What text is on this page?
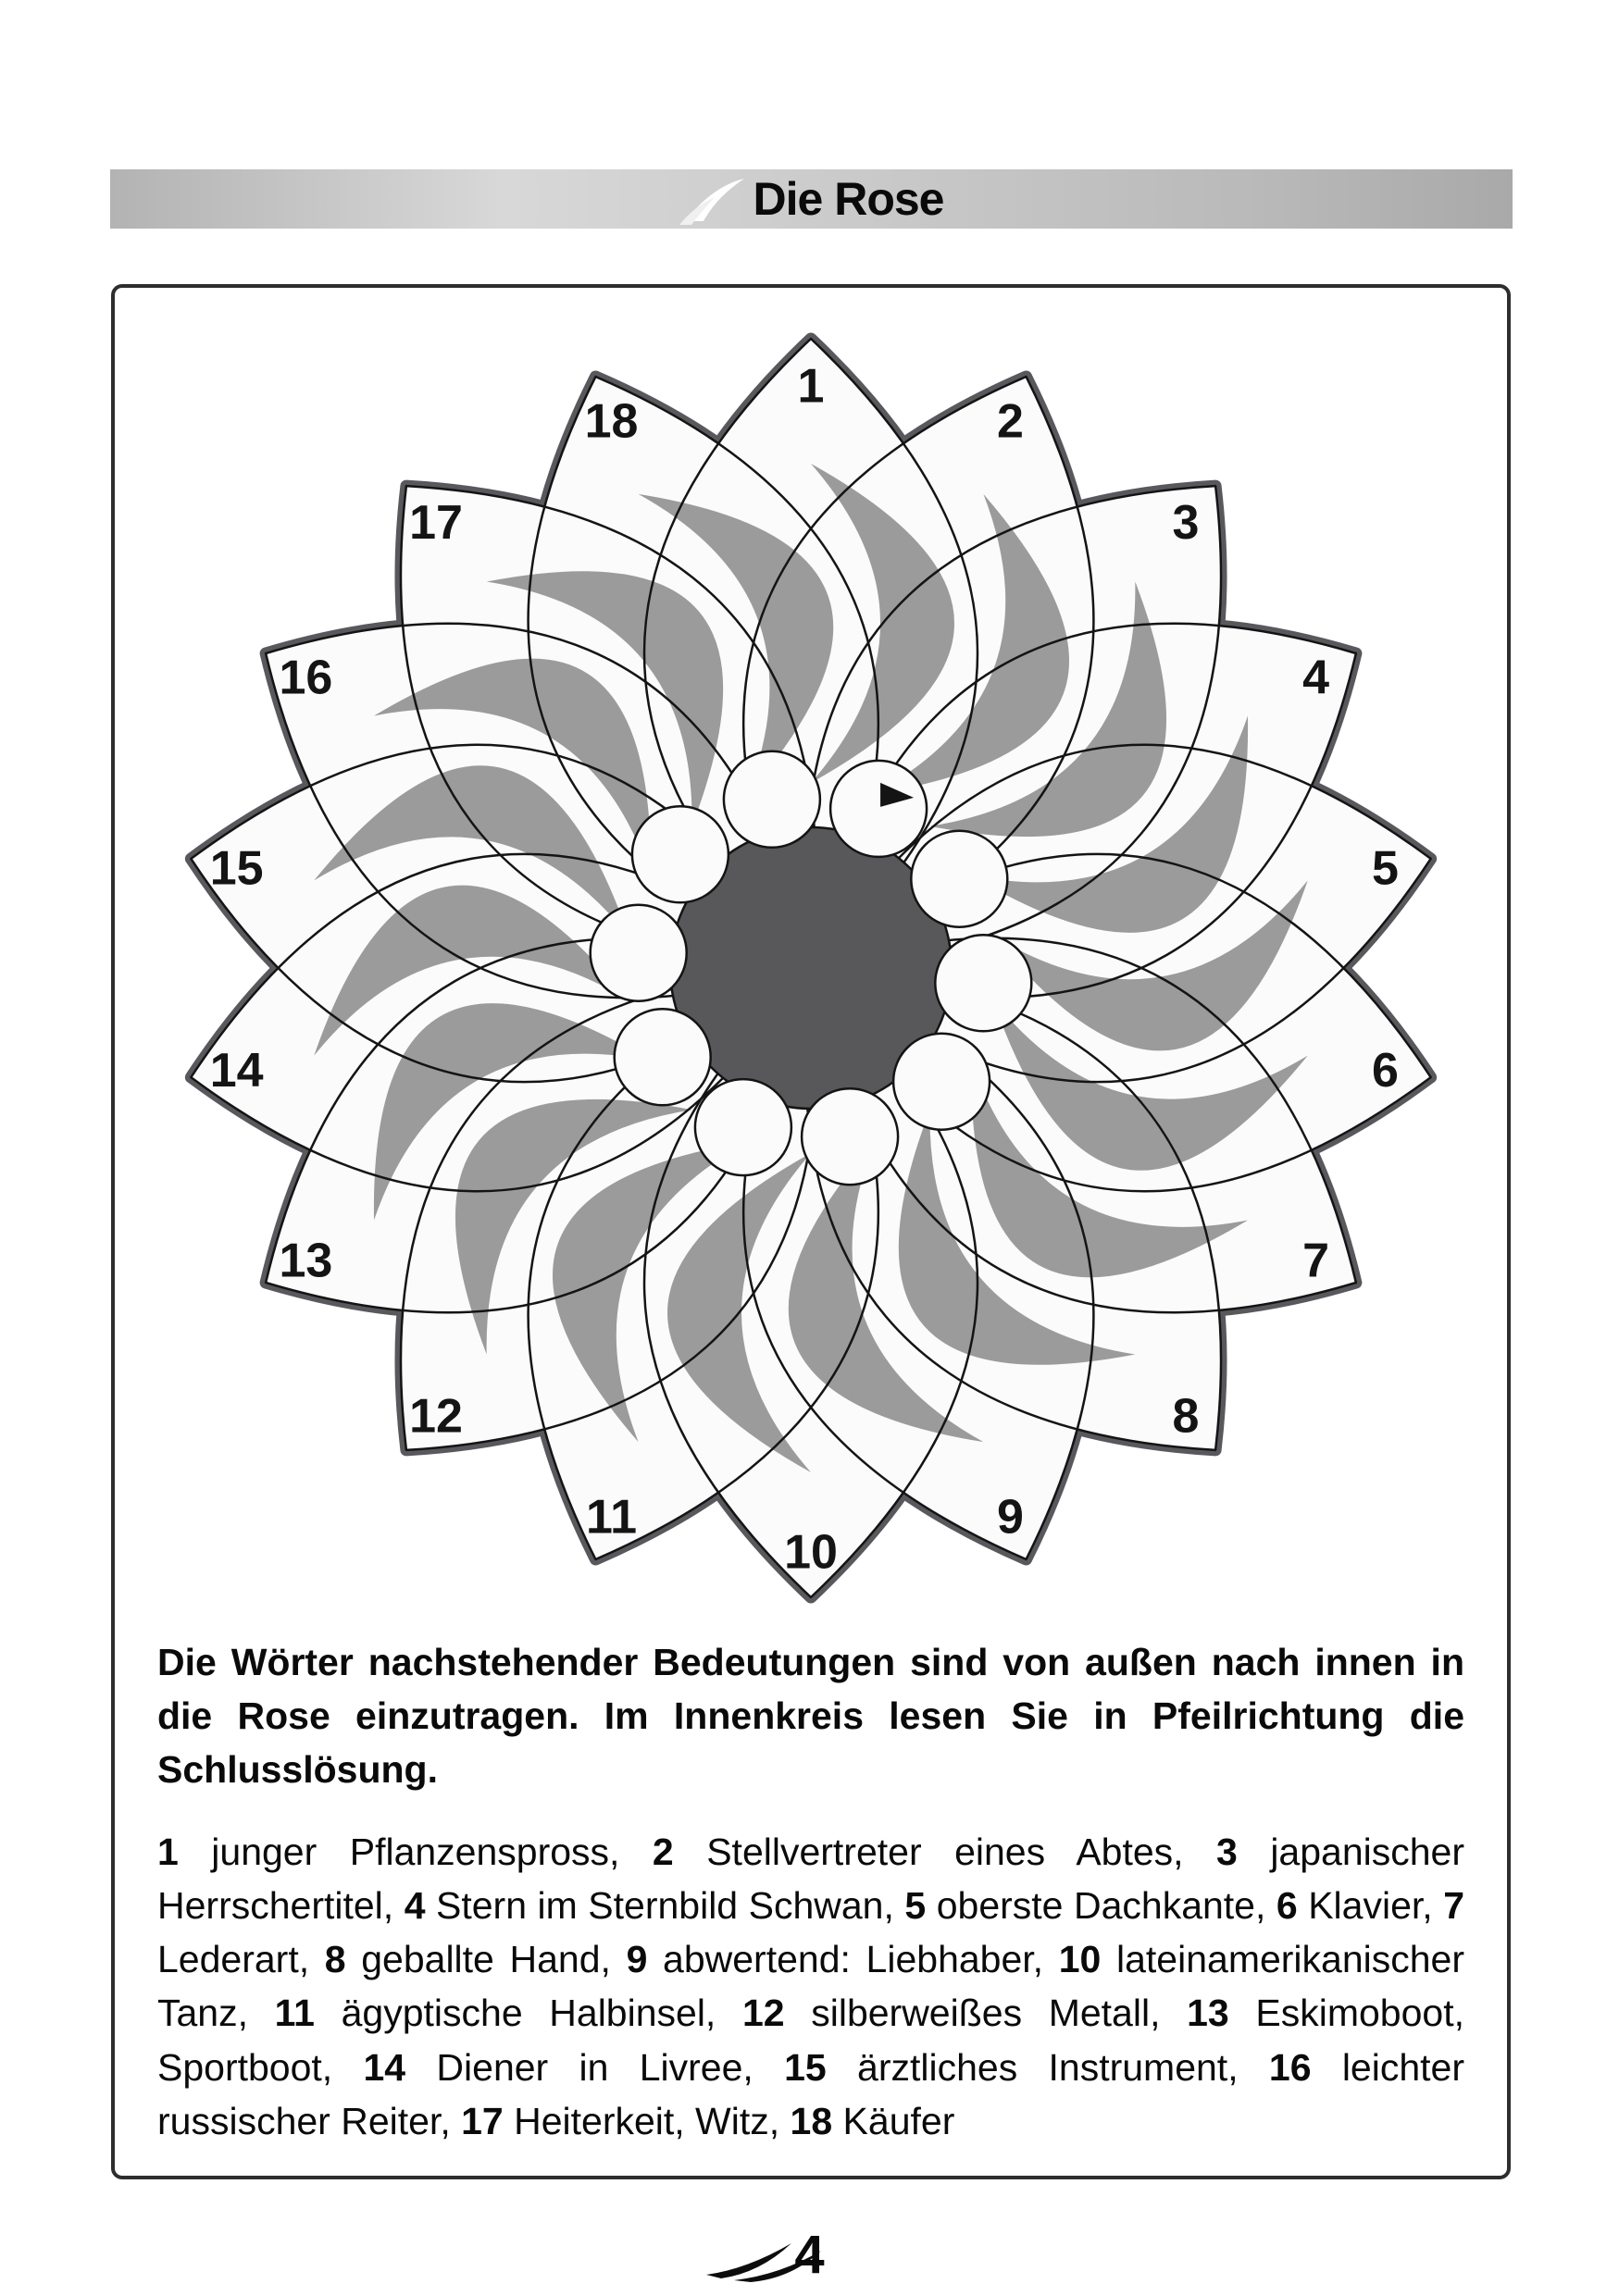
Die Rose
1
2
3
4
5
6
7
8
9
10
11
12
13
14
15
16
17
18

Die Wörter nachstehender Bedeutungen sind von außen nach innen in die Rose einzutragen. Im Innenkreis lesen Sie in Pfeilrichtung die Schlusslösung.

1 junger Pflanzenspross, 2 Stellvertreter eines Abtes, 3 japanischer Herrschertitel, 4 Stern im Sternbild Schwan, 5 oberste Dachkante, 6 Klavier, 7 Lederart, 8 geballte Hand, 9 abwertend: Liebhaber, 10 lateinamerikanischer Tanz, 11 ägyptische Halbinsel, 12 silberweißes Metall, 13 Eskimoboot, Sportboot, 14 Diener in Livree, 15 ärztliches Instrument, 16 leichter russischer Reiter, 17 Heiterkeit, Witz, 18 Käufer

4
